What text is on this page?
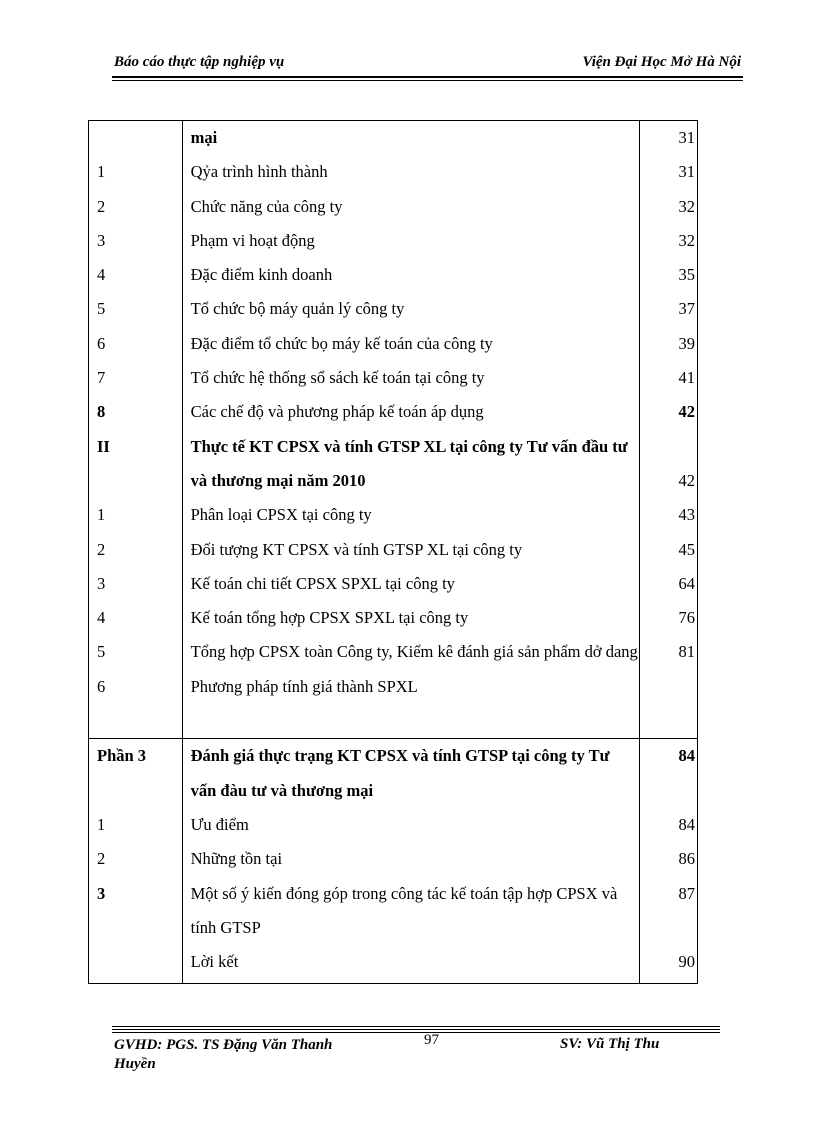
Báo cáo thực tập nghiệp vụ	Viện Đại Học Mở Hà Nội
	mại	31
1	Qỷa trình hình thành	31
2	Chức năng của công ty	32
3	Phạm vi hoạt động	32
4	Đặc điểm kinh doanh	35
5	Tổ chức bộ máy quản lý công ty	37
6	Đặc điểm tổ chức bọ máy kế toán của công ty	39
7	Tổ chức hệ thống sổ sách kế toán tại công ty	41
8	Các chế độ và phương pháp kế toán áp dụng	42
II	Thực tế KT CPSX và tính GTSP XL tại công ty Tư vấn đầu tư và thương mại năm 2010	42
1	Phân loại CPSX tại công ty	43
2	Đối tượng KT CPSX và tính GTSP XL tại công ty	45
3	Kế toán chi tiết CPSX SPXL tại công ty	64
4	Kế toán tổng hợp CPSX SPXL tại công ty	76
5	Tổng hợp CPSX toàn Công ty, Kiểm kê đánh giá sản phẩm dở dang	81
6	Phương pháp tính giá thành SPXL	
Phần 3	Đánh giá thực trạng KT CPSX và tính GTSP tại công ty Tư vấn đàu tư và thương mại	84
1	Ưu điểm	84
2	Những tồn tại	86
3	Một số ý kiến đóng góp trong công tác kế toán tập hợp CPSX và tính GTSP	87
	Lời kết	90
GVHD: PGS. TS Đặng Văn Thanh Huyền
97	SV: Vũ Thị Thu
